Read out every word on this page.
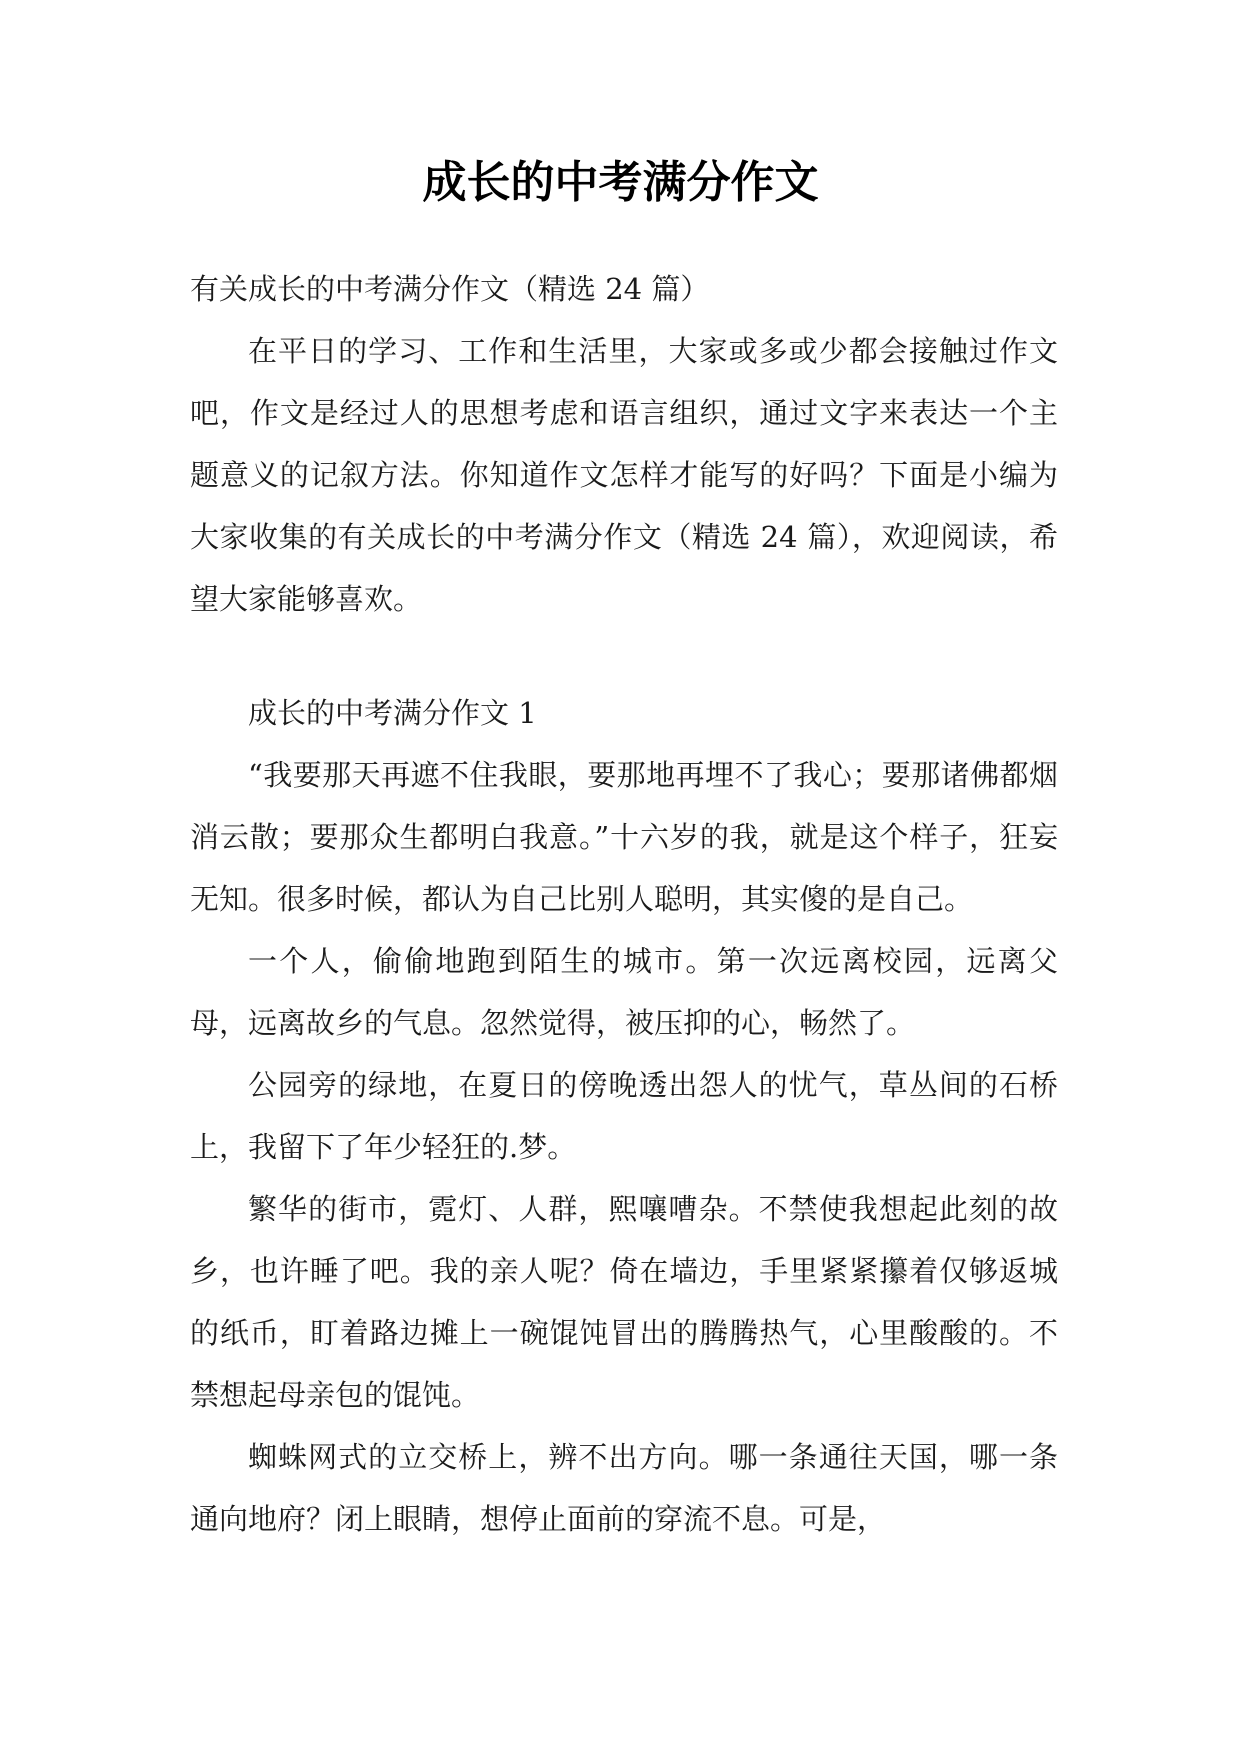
成长的中考满分作文

有关成长的中考满分作文（精选 24 篇）

在平日的学习、工作和生活里，大家或多或少都会接触过作文吧，作文是经过人的思想考虑和语言组织，通过文字来表达一个主题意义的记叙方法。你知道作文怎样才能写的好吗？下面是小编为大家收集的有关成长的中考满分作文（精选 24 篇），欢迎阅读，希望大家能够喜欢。

成长的中考满分作文 1

“我要那天再遮不住我眼，要那地再埋不了我心；要那诸佛都烟消云散；要那众生都明白我意。”十六岁的我，就是这个样子，狂妄无知。很多时候，都认为自己比别人聪明，其实傻的是自己。

一个人，偷偷地跑到陌生的城市。第一次远离校园，远离父母，远离故乡的气息。忽然觉得，被压抑的心，畅然了。

公园旁的绿地，在夏日的傍晚透出怨人的忧气，草丛间的石桥上，我留下了年少轻狂的.梦。

繁华的街市，霓灯、人群，熙嚷嘈杂。不禁使我想起此刻的故乡，也许睡了吧。我的亲人呢？倚在墙边，手里紧紧攥着仅够返城的纸币，盯着路边摊上一碗馄饨冒出的腾腾热气，心里酸酸的。不禁想起母亲包的馄饨。

蜘蛛网式的立交桥上，辨不出方向。哪一条通往天国，哪一条通向地府？闭上眼睛，想停止面前的穿流不息。可是，
